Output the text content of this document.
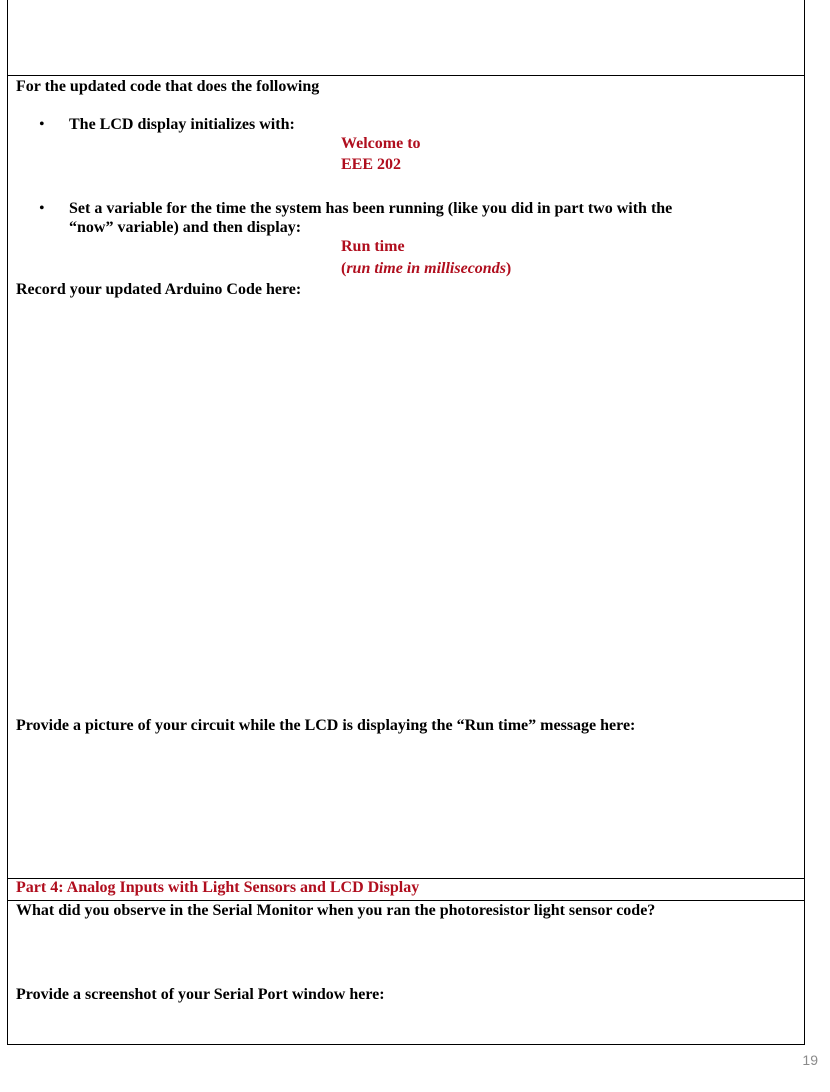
For the updated code that does the following
• The LCD display initializes with:
Welcome to
EEE 202
• Set a variable for the time the system has been running (like you did in part two with the
“now” variable) and then display:
Run time
(run time in milliseconds)
Record your updated Arduino Code here:
Provide a picture of your circuit while the LCD is displaying the “Run time” message here:
Part 4: Analog Inputs with Light Sensors and LCD Display
What did you observe in the Serial Monitor when you ran the photoresistor light sensor code?
Provide a screenshot of your Serial Port window here:
19
